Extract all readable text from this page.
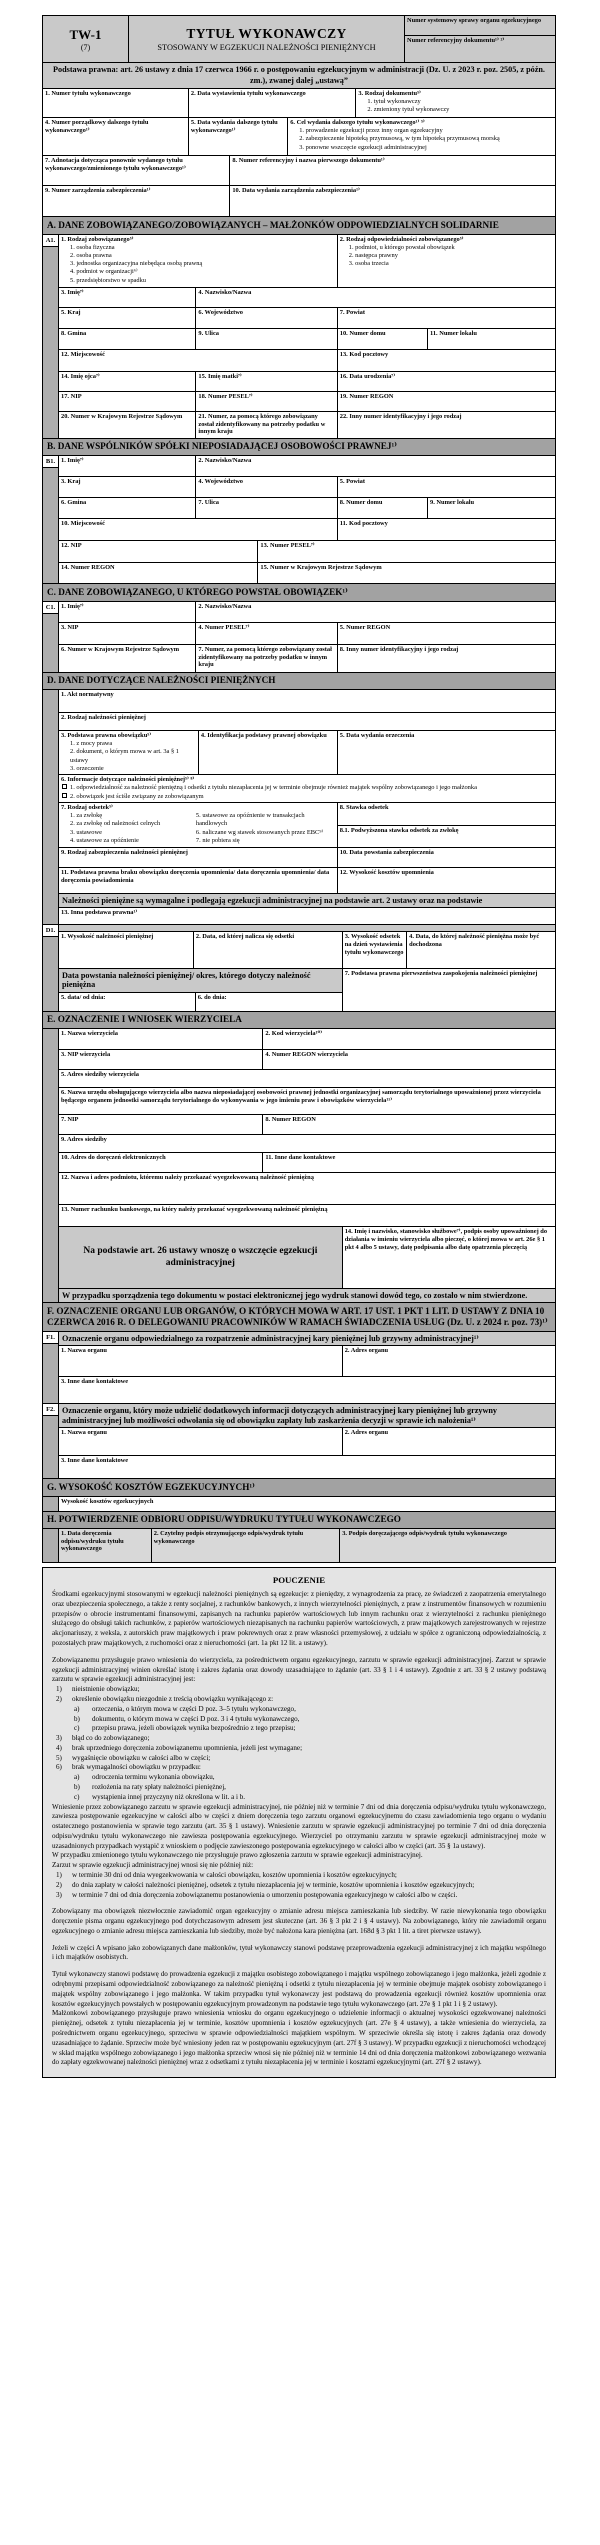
TW-1
(7)
TYTUŁ WYKONAWCZY
STOSOWANY W EGZEKUCJI NALEŻNOŚCI PIENIĘŻNYCH
Numer systemowy sprawy organu egzekucyjnego
Numer referencyjny dokumentu¹⁾ ²⁾
Podstawa prawna: art. 26 ustawy z dnia 17 czerwca 1966 r. o postępowaniu egzekucyjnym w administracji (Dz. U. z 2023 r. poz. 2505, z późn. zm.), zwanej dalej „ustawą”
1. Numer tytułu wykonawczego	2. Data wystawienia tytułu wykonawczego	3. Rodzaj dokumentu⁵⁾
1. tytuł wykonawczy
2. zmieniony tytuł wykonawczy
4. Numer porządkowy dalszego tytułu wykonawczego¹⁾
5. Data wydania dalszego tytułu wykonawczego¹⁾
6. Cel wydania dalszego tytułu wykonawczego¹⁾ ⁵⁾
1. prowadzenie egzekucji przez inny organ egzekucyjny
2. zabezpieczenie hipoteką przymusową, w tym hipoteką przymusową morską
3. ponowne wszczęcie egzekucji administracyjnej
7. Adnotacja dotycząca ponownie wydanego tytułu wykonawczego/zmienionego tytułu wykonawczego¹⁾
8. Numer referencyjny i nazwa pierwszego dokumentu¹⁾
9. Numer zarządzenia zabezpieczenia¹⁾	10. Data wydania zarządzenia zabezpieczenia¹⁾
A. DANE ZOBOWIĄZANEGO/ZOBOWIĄZANYCH – MAŁŻONKÓW ODPOWIEDZIALNYCH SOLIDARNIE
A1. 1. Rodzaj zobowiązanego⁵⁾
1. osoba fizyczna
2. osoba prawna
3. jednostka organizacyjna niebędąca osobą prawną
4. podmiot w organizacji⁶⁾
5. przedsiębiorstwo w spadku
2. Rodzaj odpowiedzialności zobowiązanego⁵⁾
1. podmiot, u którego powstał obowiązek
2. następca prawny
3. osoba trzecia
3. Imię⁷⁾	4. Nazwisko/Nazwa
5. Kraj	6. Województwo	7. Powiat
8. Gmina	9. Ulica	10. Numer domu	11. Numer lokalu
12. Miejscowość	13. Kod pocztowy
14. Imię ojca⁷⁾	15. Imię matki⁷⁾	16. Data urodzenia⁷⁾
17. NIP	18. Numer PESEL⁷⁾	19. Numer REGON
20. Numer w Krajowym Rejestrze Sądowym	21. Numer, za pomocą którego zobowiązany został zidentyfikowany na potrzeby podatku w innym kraju
22. Inny numer identyfikacyjny i jego rodzaj
B. DANE WSPÓLNIKÓW SPÓŁKI NIEPOSIADAJĄCEJ OSOBOWOŚCI PRAWNEJ¹⁾
B1. 1. Imię⁷⁾	2. Nazwisko/Nazwa
3. Kraj	4. Województwo	5. Powiat
6. Gmina	7. Ulica	8. Numer domu	9. Numer lokalu
10. Miejscowość	11. Kod pocztowy
12. NIP	13. Numer PESEL⁷⁾
14. Numer REGON	15. Numer w Krajowym Rejestrze Sądowym
C. DANE ZOBOWIĄZANEGO, U KTÓREGO POWSTAŁ OBOWIĄZEK¹⁾
C1. 1. Imię⁷⁾	2. Nazwisko/Nazwa
3. NIP	4. Numer PESEL⁷⁾	5. Numer REGON
6. Numer w Krajowym Rejestrze Sądowym	7. Numer, za pomocą którego zobowiązany został zidentyfikowany na potrzeby podatku w innym kraju
8. Inny numer identyfikacyjny i jego rodzaj
D. DANE DOTYCZĄCE NALEŻNOŚCI PIENIĘŻNYCH
1. Akt normatywny
2. Rodzaj należności pieniężnej
3. Podstawa prawna obowiązku⁵⁾
1. z mocy prawa
2. dokument, o którym mowa w art. 3a § 1 ustawy
3. orzeczenie
4. Identyfikacja podstawy prawnej obowiązku	5. Data wydania orzeczenia
6. Informacje dotyczące należności pieniężnej⁵⁾ ⁸⁾
1. odpowiedzialność za należność pieniężną i odsetki z tytułu niezapłacenia jej w terminie obejmuje również majątek wspólny zobowiązanego i jego małżonka
2. obowiązek jest ściśle związany ze zobowiązanym
7. Rodzaj odsetek⁵⁾
1. za zwłokę
2. za zwłokę od należności celnych
3. ustawowe
4. ustawowe za opóźnienie
5. ustawowe za opóźnienie w transakcjach handlowych
6. naliczane wg stawek stosowanych przez EBC⁹⁾
7. nie pobiera się
8. Stawka odsetek
8.1. Podwyższona stawka odsetek za zwłokę
9. Rodzaj zabezpieczenia należności pieniężnej	10. Data powstania zabezpieczenia
11. Podstawa prawna braku obowiązku doręczenia upomnienia/ data doręczenia upomnienia/ data doręczenia powiadomienia
12. Wysokość kosztów upomnienia
Należności pieniężne są wymagalne i podlegają egzekucji administracyjnej na podstawie art. 2 ustawy oraz na podstawie
13. Inna podstawa prawna¹⁾
D1.
1. Wysokość należności pieniężnej	2. Data, od której nalicza się odsetki	3. Wysokość odsetek na dzień wystawienia tytułu wykonawczego
4. Data, do której należność pieniężna może być dochodzona
Data powstania należności pieniężnej/ okres, którego dotyczy należność pieniężna
5. data/ od dnia:	6. do dnia:
7. Podstawa prawna pierwszeństwa zaspokojenia należności pieniężnej
E. OZNACZENIE I WNIOSEK WIERZYCIELA
1. Nazwa wierzyciela	2. Kod wierzyciela¹⁰⁾
3. NIP wierzyciela	4. Numer REGON wierzyciela
5. Adres siedziby wierzyciela
6. Nazwa urzędu obsługującego wierzyciela albo nazwa nieposiadającej osobowości prawnej jednostki organizacyjnej samorządu terytorialnego upoważnionej przez wierzyciela będącego organem jednostki samorządu terytorialnego do wykonywania w jego imieniu praw i obowiązków wierzyciela¹¹⁾
7. NIP	8. Numer REGON
9. Adres siedziby
10. Adres do doręczeń elektronicznych	11. Inne dane kontaktowe
12. Nazwa i adres podmiotu, któremu należy przekazać wyegzekwowaną należność pieniężną
13. Numer rachunku bankowego, na który należy przekazać wyegzekwowaną należność pieniężną
Na podstawie art. 26 ustawy wnoszę o wszczęcie egzekucji administracyjnej
14. Imię i nazwisko, stanowisko służbowe⁷⁾, podpis osoby upoważnionej do działania w imieniu wierzyciela albo pieczęć, o której mowa w art. 26e § 1 pkt 4 albo 5 ustawy, datę podpisania albo datę opatrzenia pieczęcią
W przypadku sporządzenia tego dokumentu w postaci elektronicznej jego wydruk stanowi dowód tego, co zostało w nim stwierdzone.
F. OZNACZENIE ORGANU LUB ORGANÓW, O KTÓRYCH MOWA W ART. 17 UST. 1 PKT 1 LIT. D USTAWY Z DNIA 10 CZERWCA 2016 R. O DELEGOWANIU PRACOWNIKÓW W RAMACH ŚWIADCZENIA USŁUG (Dz. U. z 2024 r. poz. 73)¹⁾
F1. Oznaczenie organu odpowiedzialnego za rozpatrzenie administracyjnej kary pieniężnej lub grzywny administracyjnej¹⁾
1. Nazwa organu	2. Adres organu
3. Inne dane kontaktowe
F2. Oznaczenie organu, który może udzielić dodatkowych informacji dotyczących administracyjnej kary pieniężnej lub grzywny administracyjnej lub możliwości odwołania się od obowiązku zapłaty lub zaskarżenia decyzji w sprawie ich nałożenia¹⁾
1. Nazwa organu	2. Adres organu
3. Inne dane kontaktowe
G. WYSOKOŚĆ KOSZTÓW EGZEKUCYJNYCH¹⁾
Wysokość kosztów egzekucyjnych
H. POTWIERDZENIE ODBIORU ODPISU/WYDRUKU TYTUŁU WYKONAWCZEGO
1. Data doręczenia odpisu/wydruku tytułu wykonawczego
2. Czytelny podpis otrzymującego odpis/wydruk tytułu wykonawczego
3. Podpis doręczającego odpis/wydruk tytułu wykonawczego
POUCZENIE
Środkami egzekucyjnymi stosowanymi w egzekucji należności pieniężnych są egzekucje: z pieniędzy, z wynagrodzenia za pracę, ze świadczeń z zaopatrzenia emerytalnego oraz ubezpieczenia społecznego, a także z renty socjalnej, z rachunków bankowych, z innych wierzytelności pieniężnych, z praw z instrumentów finansowych w rozumieniu przepisów o obrocie instrumentami finansowymi, zapisanych na rachunku papierów wartościowych lub innym rachunku oraz z wierzytelności z rachunku pieniężnego służącego do obsługi takich rachunków, z papierów wartościowych niezapisanych na rachunku papierów wartościowych, z praw majątkowych zarejestrowanych w rejestrze akcjonariuszy, z weksla, z autorskich praw majątkowych i praw pokrewnych oraz z praw własności przemysłowej, z udziału w spółce z ograniczoną odpowiedzialnością, z pozostałych praw majątkowych, z ruchomości oraz z nieruchomości (art. 1a pkt 12 lit. a ustawy).
Zobowiązanemu przysługuje prawo wniesienia do wierzyciela, za pośrednictwem organu egzekucyjnego, zarzutu w sprawie egzekucji administracyjnej. Zarzut w sprawie egzekucji administracyjnej winien określać istotę i zakres żądania oraz dowody uzasadniające to żądanie (art. 33 § 1 i 4 ustawy). Zgodnie z art. 33 § 2 ustawy podstawą zarzutu w sprawie egzekucji administracyjnej jest:
1)	nieistnienie obowiązku;
2)	określenie obowiązku niezgodnie z treścią obowiązku wynikającego z:
a)	orzeczenia, o którym mowa w części D poz. 3–5 tytułu wykonawczego,
b)	dokumentu, o którym mowa w części D poz. 3 i 4 tytułu wykonawczego,
c)	przepisu prawa, jeżeli obowiązek wynika bezpośrednio z tego przepisu;
3)	błąd co do zobowiązanego;
4)	brak uprzedniego doręczenia zobowiązanemu upomnienia, jeżeli jest wymagane;
5)	wygaśnięcie obowiązku w całości albo w części;
6)	brak wymagalności obowiązku w przypadku:
a)	odroczenia terminu wykonania obowiązku,
b)	rozłożenia na raty spłaty należności pieniężnej,
c)	wystąpienia innej przyczyny niż określona w lit. a i b.
Wniesienie przez zobowiązanego zarzutu w sprawie egzekucji administracyjnej, nie później niż w terminie 7 dni od dnia doręczenia odpisu/wydruku tytułu wykonawczego, zawiesza postępowanie egzekucyjne w całości albo w części z dniem doręczenia tego zarzutu organowi egzekucyjnemu do czasu zawiadomienia tego organu o wydaniu ostatecznego postanowienia w sprawie tego zarzutu (art. 35 § 1 ustawy). Wniesienie zarzutu w sprawie egzekucji administracyjnej po terminie 7 dni od dnia doręczenia odpisu/wydruku tytułu wykonawczego nie zawiesza postępowania egzekucyjnego. Wierzyciel po otrzymaniu zarzutu w sprawie egzekucji administracyjnej może w uzasadnionych przypadkach wystąpić z wnioskiem o podjęcie zawieszonego postępowania egzekucyjnego w całości albo w części (art. 35 § 1a ustawy).
W przypadku zmienionego tytułu wykonawczego nie przysługuje prawo zgłoszenia zarzutu w sprawie egzekucji administracyjnej.
Zarzut w sprawie egzekucji administracyjnej wnosi się nie później niż:
1)	w terminie 30 dni od dnia wyegzekwowania w całości obowiązku, kosztów upomnienia i kosztów egzekucyjnych;
2)	do dnia zapłaty w całości należności pieniężnej, odsetek z tytułu niezapłacenia jej w terminie, kosztów upomnienia i kosztów egzekucyjnych;
3)	w terminie 7 dni od dnia doręczenia zobowiązanemu postanowienia o umorzeniu postępowania egzekucyjnego w całości albo w części.
Zobowiązany ma obowiązek niezwłocznie zawiadomić organ egzekucyjny o zmianie adresu miejsca zamieszkania lub siedziby. W razie niewykonania tego obowiązku doręczenie pisma organu egzekucyjnego pod dotychczasowym adresem jest skuteczne (art. 36 § 3 pkt 2 i § 4 ustawy). Na zobowiązanego, który nie zawiadomił organu egzekucyjnego o zmianie adresu miejsca zamieszkania lub siedziby, może być nałożona kara pieniężna (art. 168d § 3 pkt 1 lit. a tiret pierwsze ustawy).
Jeżeli w części A wpisano jako zobowiązanych dane małżonków, tytuł wykonawczy stanowi podstawę przeprowadzenia egzekucji administracyjnej z ich majątku wspólnego i ich majątków osobistych.
Tytuł wykonawczy stanowi podstawę do prowadzenia egzekucji z majątku osobistego zobowiązanego i majątku wspólnego zobowiązanego i jego małżonka, jeżeli zgodnie z odrębnymi przepisami odpowiedzialność zobowiązanego za należność pieniężną i odsetki z tytułu niezapłacenia jej w terminie obejmuje majątek osobisty zobowiązanego i majątek wspólny zobowiązanego i jego małżonka. W takim przypadku tytuł wykonawczy jest podstawą do prowadzenia egzekucji również kosztów upomnienia oraz kosztów egzekucyjnych powstałych w postępowaniu egzekucyjnym prowadzonym na podstawie tego tytułu wykonawczego (art. 27e § 1 pkt 1 i § 2 ustawy).
Małżonkowi zobowiązanego przysługuje prawo wniesienia wniosku do organu egzekucyjnego o udzielenie informacji o aktualnej wysokości egzekwowanej należności pieniężnej, odsetek z tytułu niezapłacenia jej w terminie, kosztów upomnienia i kosztów egzekucyjnych (art. 27e § 4 ustawy), a także wniesienia do wierzyciela, za pośrednictwem organu egzekucyjnego, sprzeciwu w sprawie odpowiedzialności majątkiem wspólnym. W sprzeciwie określa się istotę i zakres żądania oraz dowody uzasadniające to żądanie. Sprzeciw może być wniesiony jeden raz w postępowaniu egzekucyjnym (art. 27f § 3 ustawy). W przypadku egzekucji z nieruchomości wchodzącej w skład majątku wspólnego zobowiązanego i jego małżonka sprzeciw wnosi się nie później niż w terminie 14 dni od dnia doręczenia małżonkowi zobowiązanego wezwania do zapłaty egzekwowanej należności pieniężnej wraz z odsetkami z tytułu niezapłacenia jej w terminie i kosztami egzekucyjnymi (art. 27f § 2 ustawy).
